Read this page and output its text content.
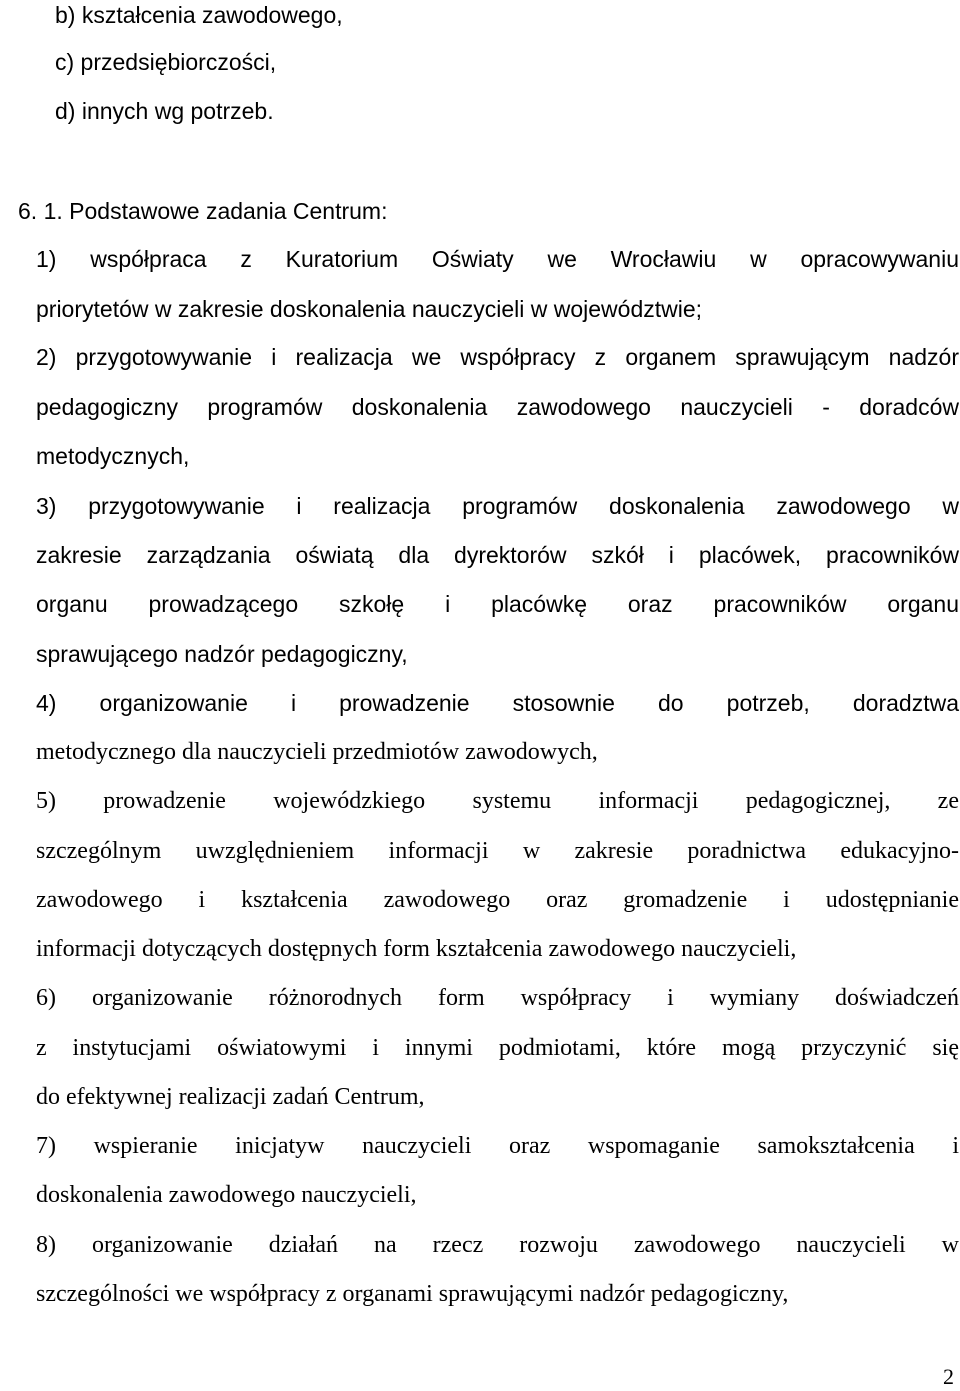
b) kształcenia zawodowego,
c) przedsiębiorczości,
d) innych wg potrzeb.
6. 1. Podstawowe zadania Centrum:
1) współpraca z Kuratorium Oświaty we Wrocławiu w opracowywaniu
priorytetów w zakresie doskonalenia nauczycieli w województwie;
2) przygotowywanie i realizacja we współpracy z organem sprawującym nadzór
pedagogiczny programów doskonalenia zawodowego nauczycieli - doradców
metodycznych,
3) przygotowywanie i realizacja programów doskonalenia zawodowego w
zakresie zarządzania oświatą dla dyrektorów szkół i placówek, pracowników
organu prowadzącego szkołę i placówkę oraz pracowników organu
sprawującego nadzór pedagogiczny,
4) organizowanie i prowadzenie stosownie do potrzeb, doradztwa
metodycznego dla nauczycieli przedmiotów zawodowych,
5) prowadzenie wojewódzkiego systemu informacji pedagogicznej, ze
szczególnym uwzględnieniem informacji w zakresie poradnictwa edukacyjno-
zawodowego i kształcenia zawodowego oraz gromadzenie i udostępnianie
informacji dotyczących dostępnych form kształcenia zawodowego nauczycieli,
6) organizowanie różnorodnych form współpracy i wymiany doświadczeń
z instytucjami oświatowymi i innymi podmiotami, które mogą przyczynić się
do efektywnej realizacji zadań Centrum,
7) wspieranie inicjatyw nauczycieli oraz wspomaganie samokształcenia i
doskonalenia zawodowego nauczycieli,
8) organizowanie działań na rzecz rozwoju zawodowego nauczycieli w
szczególności we współpracy z organami sprawującymi nadzór pedagogiczny,
2
